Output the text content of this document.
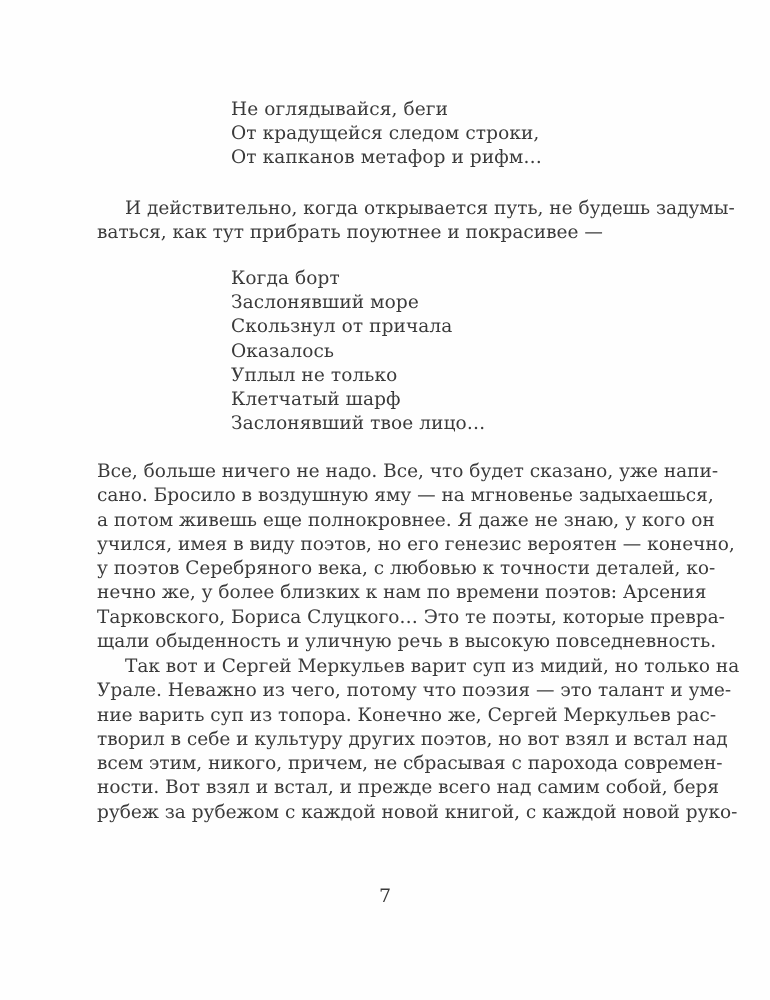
Не оглядывайся, беги
От крадущейся следом строки,
От капканов метафор и рифм…
И действительно, когда открывается путь, не будешь задумы-
ваться, как тут прибрать поуютнее и покрасивее —
Когда борт
Заслонявший море
Скользнул от причала
Оказалось
Уплыл не только
Клетчатый шарф
Заслонявший твое лицо…
Все, больше ничего не надо. Все, что будет сказано, уже напи-
сано. Бросило в воздушную яму — на мгновенье задыхаешься,
а потом живешь еще полнокровнее. Я даже не знаю, у кого он
учился, имея в виду поэтов, но его генезис вероятен — конечно,
у поэтов Серебряного века, с любовью к точности деталей, ко-
нечно же, у более близких к нам по времени поэтов: Арсения
Тарковского, Бориса Слуцкого… Это те поэты, которые превра-
щали обыденность и уличную речь в высокую повседневность.
Так вот и Сергей Меркульев варит суп из мидий, но только на
Урале. Неважно из чего, потому что поэзия — это талант и уме-
ние варить суп из топора. Конечно же, Сергей Меркульев рас-
творил в себе и культуру других поэтов, но вот взял и встал над
всем этим, никого, причем, не сбрасывая с парохода современ-
ности. Вот взял и встал, и прежде всего над самим собой, беря
рубеж за рубежом с каждой новой книгой, с каждой новой руко-
7
